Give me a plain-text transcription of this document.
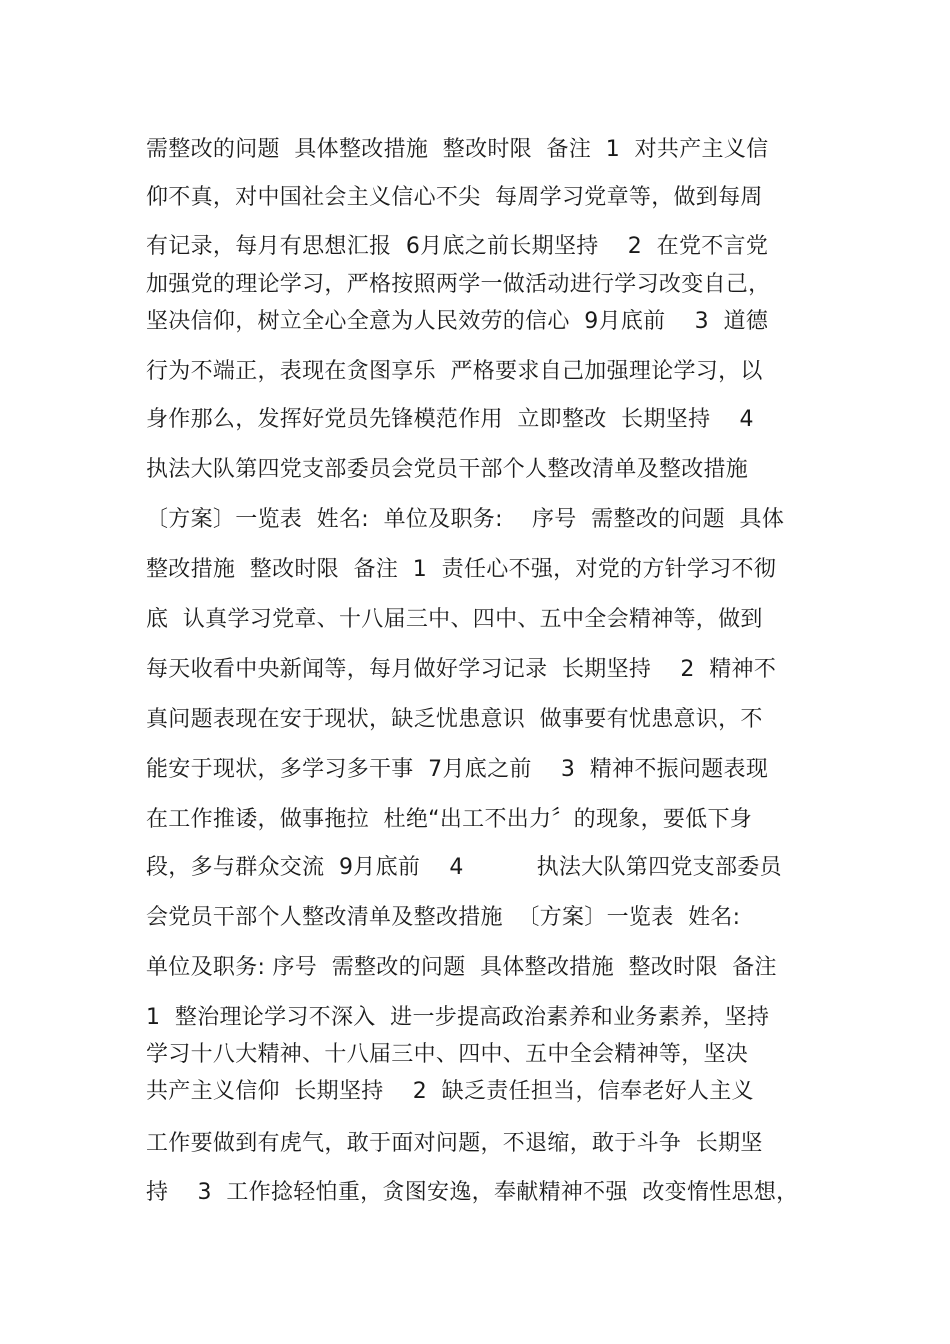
需整改的问题  具体整改措施  整改时限  备注  1  对共产主义信

仰不真，对中国社会主义信心不尖  每周学习党章等，做到每周

有记录，每月有思想汇报  6月底之前长期坚持    2  在党不言党

加强党的理论学习，严格按照两学一做活动进行学习改变自己，

坚决信仰，树立全心全意为人民效劳的信心  9月底前    3  道德

行为不端正，表现在贪图享乐  严格要求自己加强理论学习，以

身作那么，发挥好党员先锋模范作用  立即整改  长期坚持    4

执法大队第四党支部委员会党员干部个人整改清单及整改措施

〔方案〕一览表  姓名:  单位及职务:    序号  需整改的问题  具体

整改措施  整改时限  备注  1  责任心不强，对党的方针学习不彻

底  认真学习党章、十八届三中、四中、五中全会精神等，做到

每天收看中央新闻等，每月做好学习记录  长期坚持    2  精神不

真问题表现在安于现状，缺乏忧患意识  做事要有忧患意识，不

能安于现状，多学习多干事  7月底之前    3  精神不振问题表现

在工作推诿，做事拖拉  杜绝“出工不出力〞的现象，要低下身

段，多与群众交流  9月底前    4          执法大队第四党支部委员

会党员干部个人整改清单及整改措施  〔方案〕一览表  姓名:

单位及职务: 序号  需整改的问题  具体整改措施  整改时限  备注

1  整治理论学习不深入  进一步提高政治素养和业务素养，坚持

学习十八大精神、十八届三中、四中、五中全会精神等，坚决

共产主义信仰  长期坚持    2  缺乏责任担当，信奉老好人主义

工作要做到有虎气，敢于面对问题，不退缩，敢于斗争  长期坚

持    3  工作捻轻怕重，贪图安逸，奉献精神不强  改变惰性思想，
